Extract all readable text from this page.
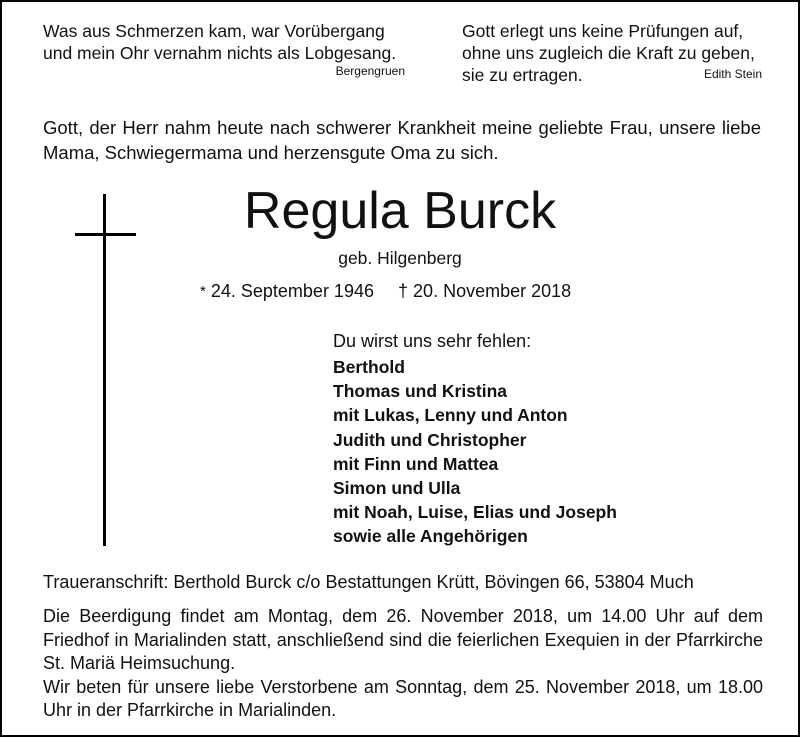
Was aus Schmerzen kam, war Vorübergang
und mein Ohr vernahm nichts als Lobgesang.
Bergengruen
Gott erlegt uns keine Prüfungen auf,
ohne uns zugleich die Kraft zu geben,
sie zu ertragen.	Edith Stein
Gott, der Herr nahm heute nach schwerer Krankheit meine geliebte Frau, unsere liebe Mama, Schwiegermama und herzensgute Oma zu sich.
Regula Burck
geb. Hilgenberg
* 24. September 1946 † 20. November 2018
Du wirst uns sehr fehlen:
Berthold
Thomas und Kristina
mit Lukas, Lenny und Anton
Judith und Christopher
mit Finn und Mattea
Simon und Ulla
mit Noah, Luise, Elias und Joseph
sowie alle Angehörigen
Traueranschrift: Berthold Burck c/o Bestattungen Krütt, Bövingen 66, 53804 Much
Die Beerdigung findet am Montag, dem 26. November 2018, um 14.00 Uhr auf dem Friedhof in Marialinden statt, anschließend sind die feierlichen Exequien in der Pfarrkirche St. Mariä Heimsuchung.
Wir beten für unsere liebe Verstorbene am Sonntag, dem 25. November 2018, um 18.00 Uhr in der Pfarrkirche in Marialinden.
